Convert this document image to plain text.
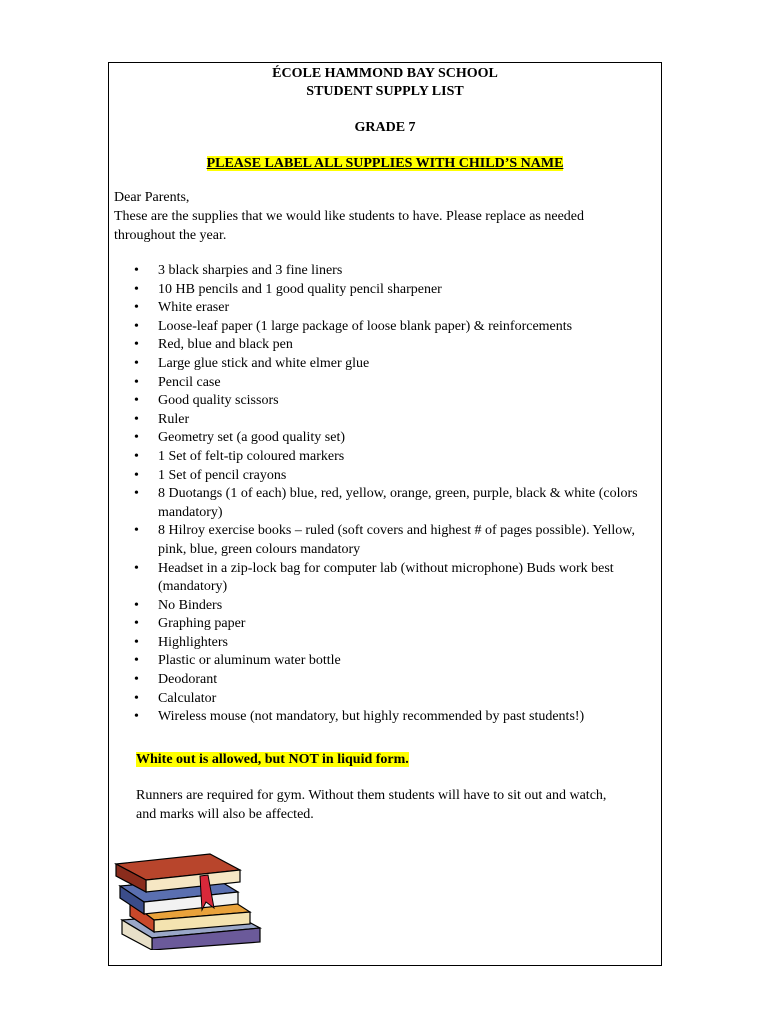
ÉCOLE HAMMOND BAY SCHOOL
STUDENT SUPPLY LIST
GRADE 7
PLEASE LABEL ALL SUPPLIES WITH CHILD’S NAME
Dear Parents,
These are the supplies that we would like students to have. Please replace as needed
throughout the year.
• 3 black sharpies and 3 fine liners
• 10 HB pencils and 1 good quality pencil sharpener
• White eraser
• Loose-leaf paper (1 large package of loose blank paper) & reinforcements
• Red, blue and black pen
• Large glue stick and white elmer glue
• Pencil case
• Good quality scissors
• Ruler
• Geometry set (a good quality set)
• 1 Set of felt-tip coloured markers
• 1 Set of pencil crayons
• 8 Duotangs (1 of each) blue, red, yellow, orange, green, purple, black & white (colors mandatory)
• 8 Hilroy exercise books – ruled (soft covers and highest # of pages possible). Yellow, pink, blue, green colours mandatory
• Headset in a zip-lock bag for computer lab (without microphone) Buds work best (mandatory)
• No Binders
• Graphing paper
• Highlighters
• Plastic or aluminum water bottle
• Deodorant
• Calculator
• Wireless mouse (not mandatory, but highly recommended by past students!)
White out is allowed, but NOT in liquid form.
Runners are required for gym. Without them students will have to sit out and watch,
and marks will also be affected.
